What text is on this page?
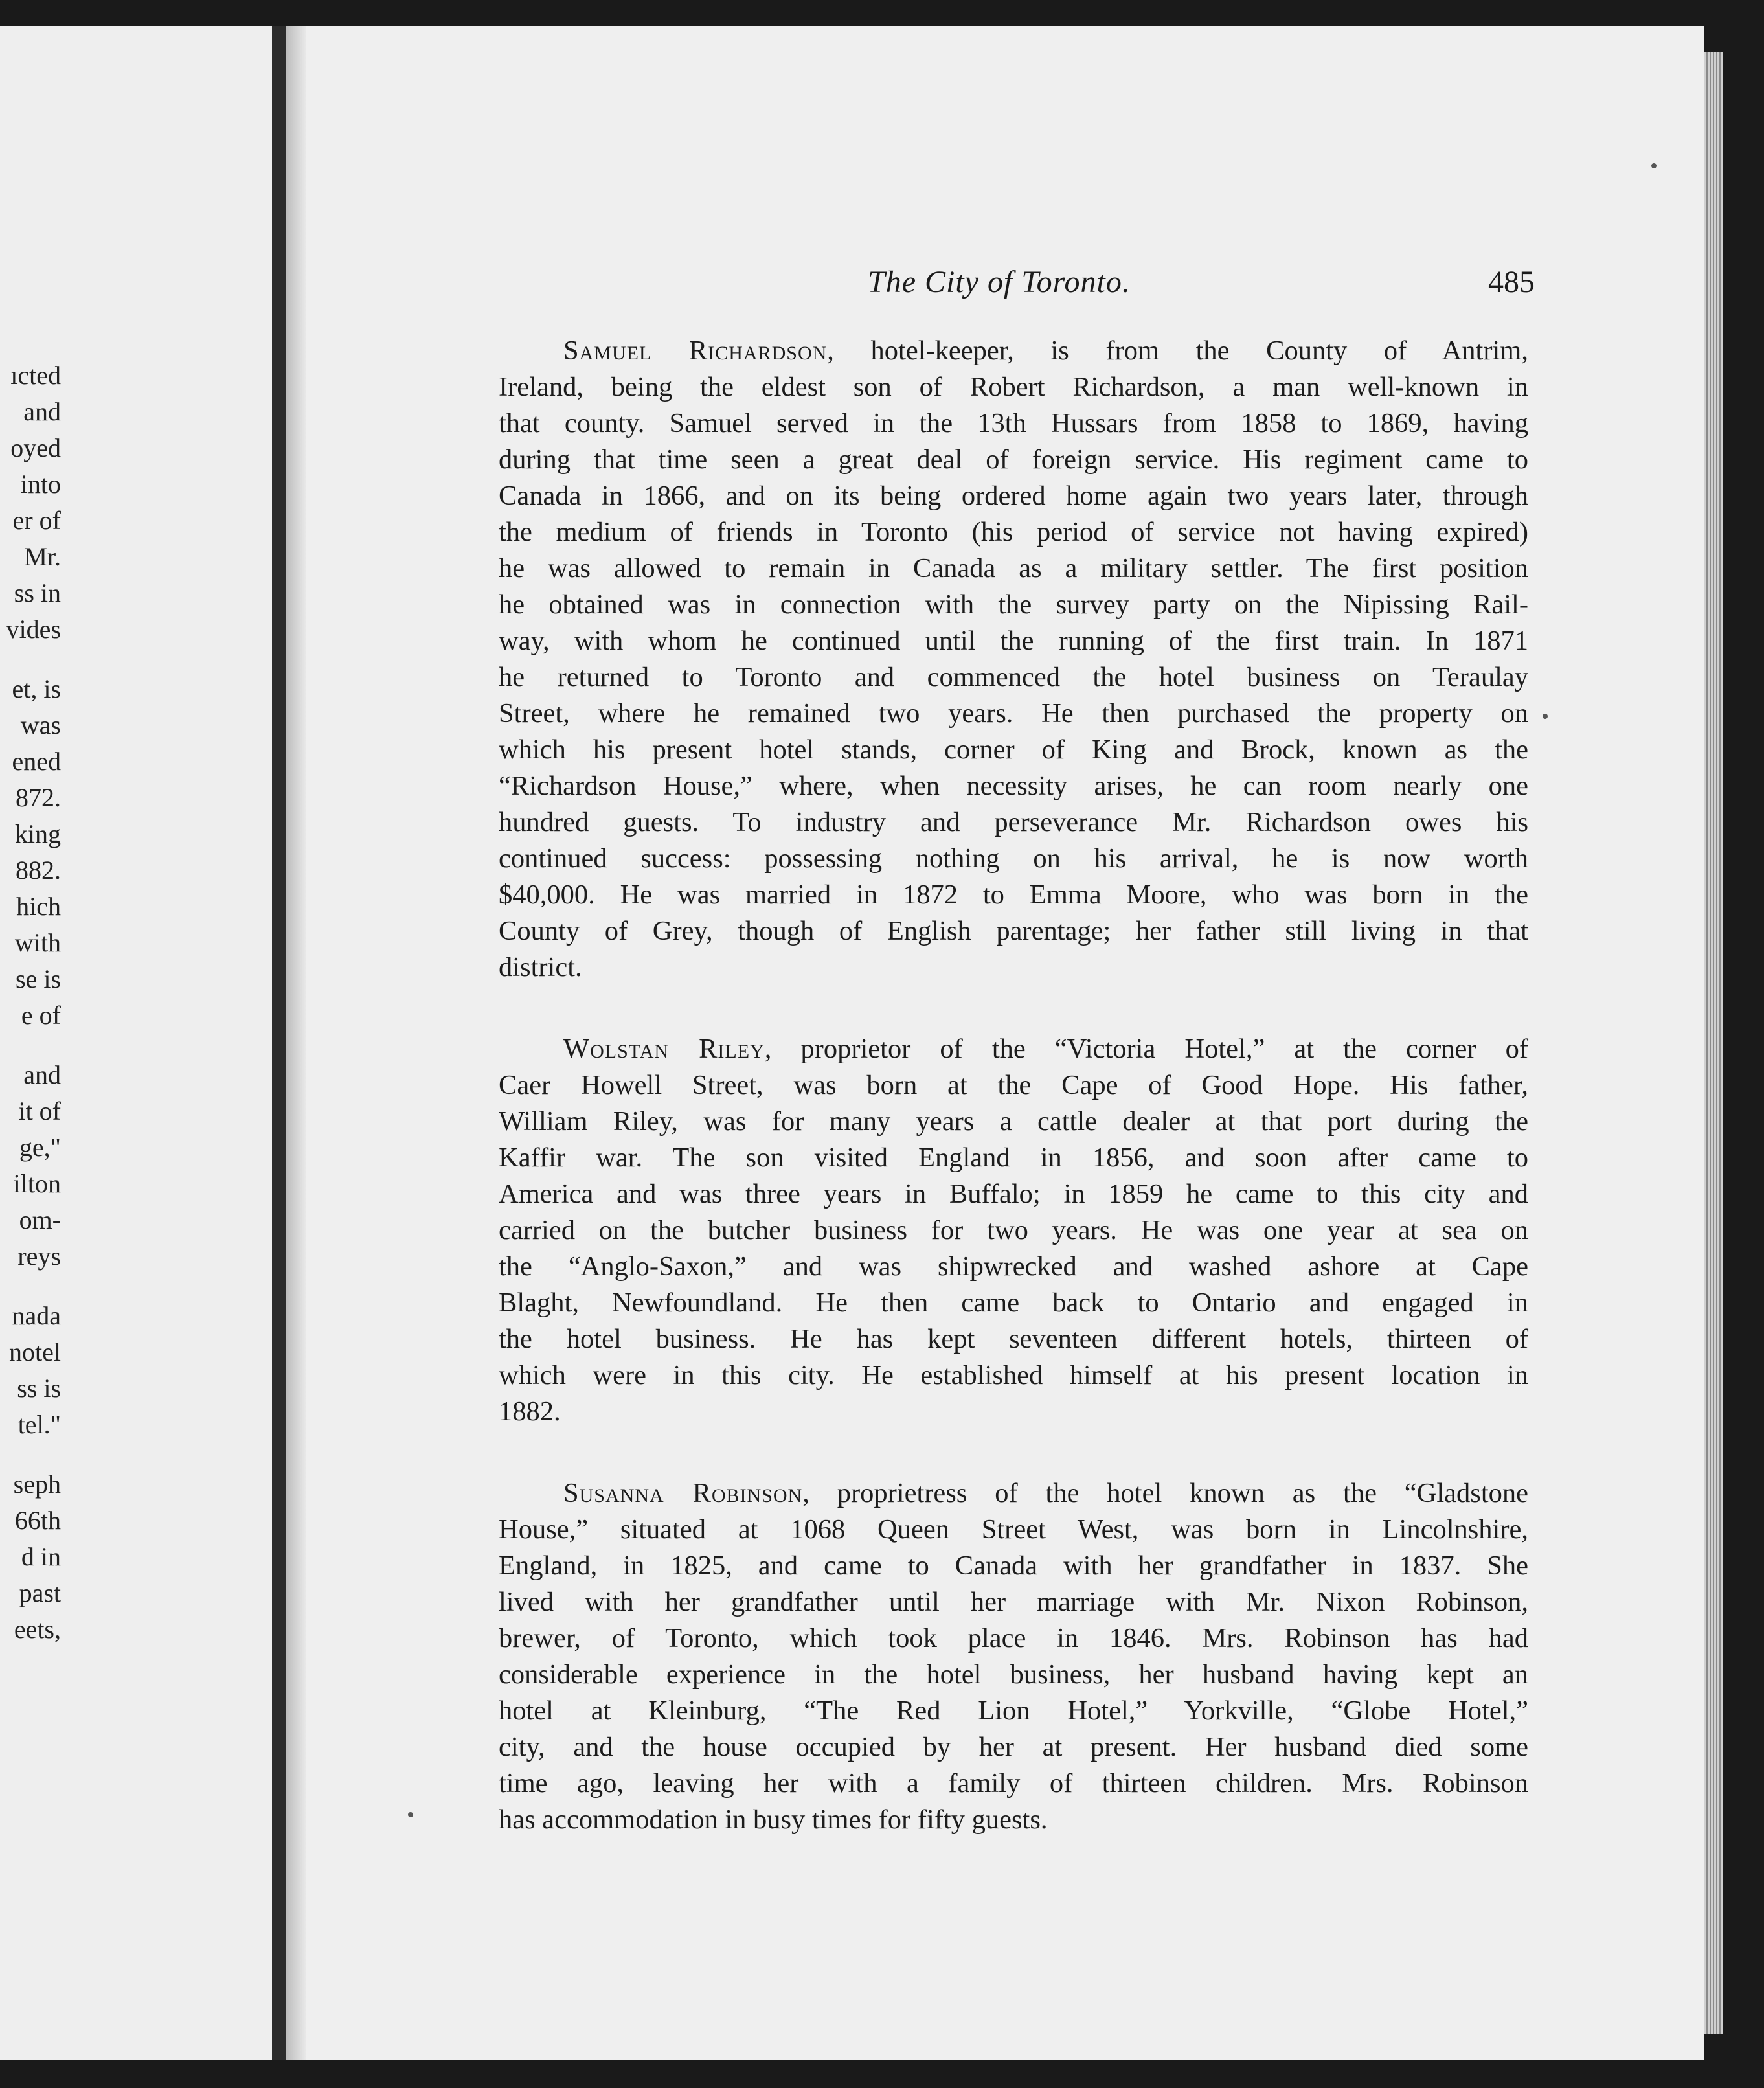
ıcted
and
oyed
into
er of
Mr.
ss in
vides
et, is
was
ened
872.
king
882.
hich
with
se is
e of
and
it of
ge,"
ilton
om-
reys
nada
notel
ss is
tel."
seph
66th
d in
past
eets,
The City of Toronto.	485
Samuel Richardson, hotel-keeper, is from the County of Antrim,
Ireland, being the eldest son of Robert Richardson, a man well-known in
that county. Samuel served in the 13th Hussars from 1858 to 1869, having
during that time seen a great deal of foreign service. His regiment came to
Canada in 1866, and on its being ordered home again two years later, through
the medium of friends in Toronto (his period of service not having expired)
he was allowed to remain in Canada as a military settler. The first position
he obtained was in connection with the survey party on the Nipissing Rail-
way, with whom he continued until the running of the first train. In 1871
he returned to Toronto and commenced the hotel business on Teraulay
Street, where he remained two years. He then purchased the property on
which his present hotel stands, corner of King and Brock, known as the
“Richardson House,” where, when necessity arises, he can room nearly one
hundred guests. To industry and perseverance Mr. Richardson owes his
continued success: possessing nothing on his arrival, he is now worth
$40,000. He was married in 1872 to Emma Moore, who was born in the
County of Grey, though of English parentage; her father still living in that
district.
Wolstan Riley, proprietor of the “Victoria Hotel,” at the corner of
Caer Howell Street, was born at the Cape of Good Hope. His father,
William Riley, was for many years a cattle dealer at that port during the
Kaffir war. The son visited England in 1856, and soon after came to
America and was three years in Buffalo; in 1859 he came to this city and
carried on the butcher business for two years. He was one year at sea on
the “Anglo-Saxon,” and was shipwrecked and washed ashore at Cape
Blaght, Newfoundland. He then came back to Ontario and engaged in
the hotel business. He has kept seventeen different hotels, thirteen of
which were in this city. He established himself at his present location in
1882.
Susanna Robinson, proprietress of the hotel known as the “Gladstone
House,” situated at 1068 Queen Street West, was born in Lincolnshire,
England, in 1825, and came to Canada with her grandfather in 1837. She
lived with her grandfather until her marriage with Mr. Nixon Robinson,
brewer, of Toronto, which took place in 1846. Mrs. Robinson has had
considerable experience in the hotel business, her husband having kept an
hotel at Kleinburg, “The Red Lion Hotel,” Yorkville, “Globe Hotel,”
city, and the house occupied by her at present. Her husband died some
time ago, leaving her with a family of thirteen children. Mrs. Robinson
has accommodation in busy times for fifty guests.
